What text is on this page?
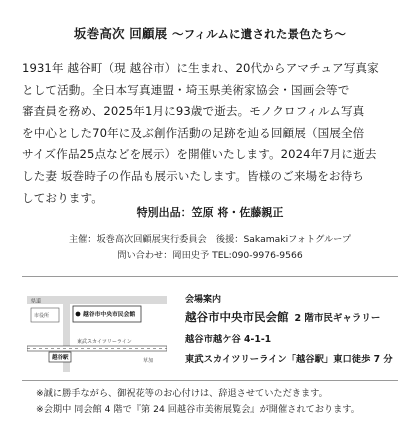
坂巻高次 回顧展 〜フィルムに遺された景色たち〜
1931年 越谷町（現 越谷市）に生まれ、20代からアマチュア写真家
として活動。全日本写真連盟・埼玉県美術家協会・国画会等で
審査員を務め、2025年1月に93歳で逝去。モノクロフィルム写真
を中心とした70年に及ぶ創作活動の足跡を辿る回顧展（国展全倍
サイズ作品25点などを展示）を開催いたします。2024年7月に逝去
した妻 坂巻時子の作品も展示いたします。皆様のご来場をお待ち
しております。
特別出品：笠原 将・佐藤親正
主催：坂巻高次回顧展実行委員会　後援：Sakamakiフォトグループ
問い合わせ：岡田史予 TEL:090-9976-9566
県道
市役所	越谷市中央市民会館
東武スカイツリーライン
越谷駅	草加
会場案内
越谷市中央市民会館 2 階市民ギャラリー
越谷市越ケ谷 4-1-1
東武スカイツリーライン「越谷駅」東口徒歩 7 分
※誠に勝手ながら、御祝花等のお心付けは、辞退させていただきます。
※会期中 同会館 4 階で『第 24 回越谷市美術展覧会』が開催されております。
